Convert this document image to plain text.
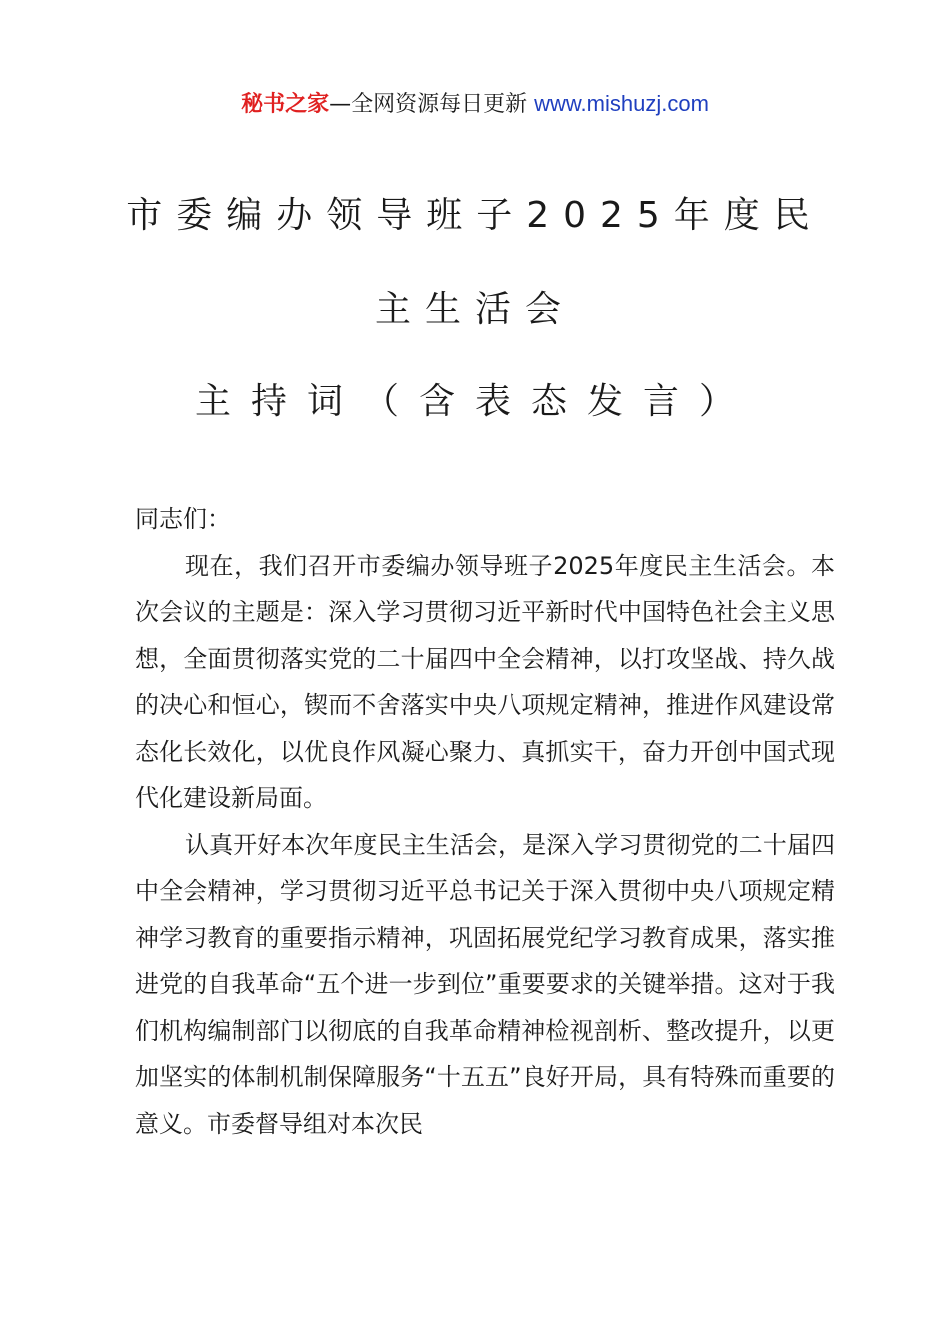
秘书之家—全网资源每日更新 www.mishuzj.com
市委编办领导班子2025年度民
主生活会
主持词（含表态发言）

同志们：

现在，我们召开市委编办领导班子2025年度民主生活会。本次会议的主题是：深入学习贯彻习近平新时代中国特色社会主义思想，全面贯彻落实党的二十届四中全会精神，以打攻坚战、持久战的决心和恒心，锲而不舍落实中央八项规定精神，推进作风建设常态化长效化，以优良作风凝心聚力、真抓实干，奋力开创中国式现代化建设新局面。

认真开好本次年度民主生活会，是深入学习贯彻党的二十届四中全会精神，学习贯彻习近平总书记关于深入贯彻中央八项规定精神学习教育的重要指示精神，巩固拓展党纪学习教育成果，落实推进党的自我革命“五个进一步到位”重要要求的关键举措。这对于我们机构编制部门以彻底的自我革命精神检视剖析、整改提升，以更加坚实的体制机制保障服务“十五五”良好开局，具有特殊而重要的意义。市委督导组对本次民
